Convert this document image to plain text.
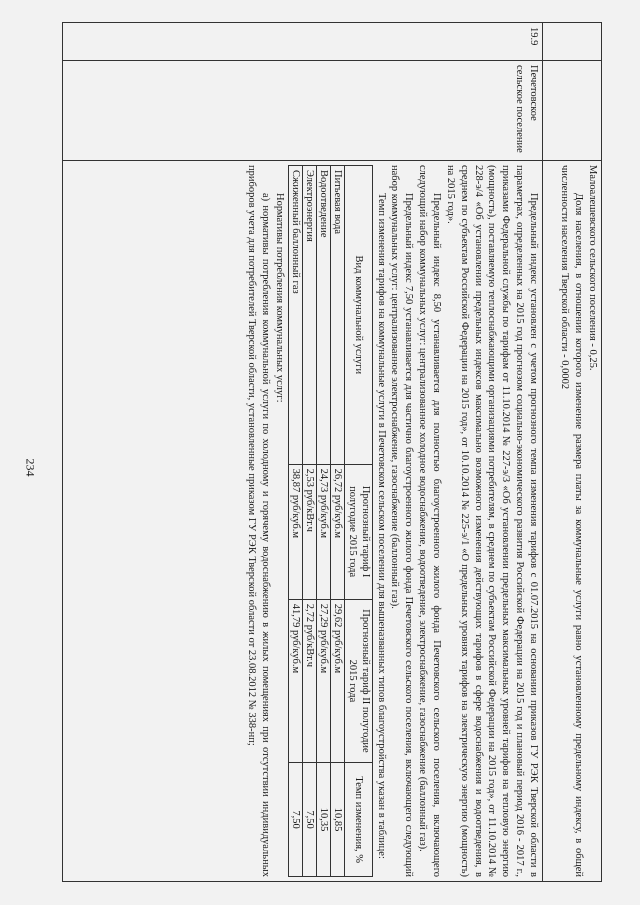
234

Малоалешевского сельского поселения - 0,25.

Доля населения, в отношении которого изменение размера платы за коммунальные услуги равно установленному предельному индексу, в общей численности населения Тверской области - 0,0002

19.9	Печетовское сельское поселение	

Предельный индекс установлен с учетом прогнозного темпа изменения тарифов с 01.07.2015 на основании приказов ГУ РЭК Тверской области в параметрах, определенных на 2015 год прогнозом социально-экономического развития Российской Федерации на 2015 год и плановый период 2016 - 2017 г., приказами Федеральной службы по тарифам от 11.10.2014 № 227-э/3 «Об установлении предельных максимальных уровней тарифов на тепловую энергию (мощность), поставляемую теплоснабжающими организациями потребителям, в среднем по субъектам Российской Федерации на 2015 год», от 11.10.2014 № 228-э/4 «Об установлении предельных индексов максимально возможного изменения действующих тарифов в сфере водоснабжения и водоотведения, в среднем по субъектам Российской Федерации на 2015 год», от 10.10.2014 № 225-э/1 «О предельных уровнях тарифов на электрическую энергию (мощность) на 2015 год».

Предельный индекс 8,50 устанавливается для полностью благоустроенного жилого фонда Печетовского сельского поселения, включающего следующий набор коммунальных услуг: централизованное холодное водоснабжение, водоотведение, электроснабжение, газоснабжение (баллонный газ).

Предельный индекс 7,50 устанавливается для частично благоустроенного жилого фонда Печетовского сельского поселения, включающего следующий набор коммунальных услуг: централизованное электроснабжение, газоснабжение (баллонный газ).

Темп изменения тарифов на коммунальные услуги в Печетовском сельском поселении для вышеназванных типов благоустройства указан в таблице:

Вид коммунальной услуги	Прогнозный тариф I полугодие 2015 года	Прогнозный тариф II полугодие 2015 года	Темп изменения, %
Питьевая вода	26,72 руб/куб.м	29,62 руб/куб.м	10,85
Водоотведение	24,73 руб/куб.м	27,29 руб/куб.м	10,35
Электроэнергия	2,53 руб/кВт.ч	2,72 руб/кВт.ч	7,50
Сжиженный баллонный газ	38,87 руб/куб.м	41,79 руб/куб.м	7,50

Нормативы потребления коммунальных услуг:

а) нормативы потребления коммунальной услуги по холодному и горячему водоснабжению в жилых помещениях при отсутствии индивидуальных приборов учета для потребителей Тверской области, установленные приказом ГУ РЭК Тверской области от 23.08.2012 № 338-нп;
